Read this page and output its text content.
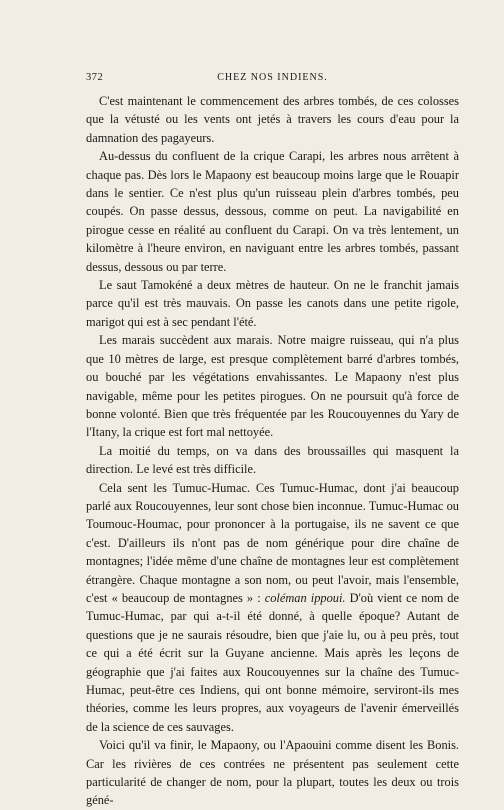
372	CHEZ NOS INDIENS.

C'est maintenant le commencement des arbres tombés, de ces colosses que la vétusté ou les vents ont jetés à travers les cours d'eau pour la damnation des pagayeurs.

Au-dessus du confluent de la crique Carapi, les arbres nous arrêtent à chaque pas. Dès lors le Mapaony est beaucoup moins large que le Rouapir dans le sentier. Ce n'est plus qu'un ruisseau plein d'arbres tombés, peu coupés. On passe dessus, dessous, comme on peut. La navigabilité en pirogue cesse en réalité au confluent du Carapi. On va très lentement, un kilomètre à l'heure environ, en naviguant entre les arbres tombés, passant dessus, dessous ou par terre.

Le saut Tamokéné a deux mètres de hauteur. On ne le franchit jamais parce qu'il est très mauvais. On passe les canots dans une petite rigole, marigot qui est à sec pendant l'été.

Les marais succèdent aux marais. Notre maigre ruisseau, qui n'a plus que 10 mètres de large, est presque complètement barré d'arbres tombés, ou bouché par les végétations envahissantes. Le Mapaony n'est plus navigable, même pour les petites pirogues. On ne poursuit qu'à force de bonne volonté. Bien que très fréquentée par les Roucouyennes du Yary de l'Itany, la crique est fort mal nettoyée.

La moitié du temps, on va dans des broussailles qui masquent la direction. Le levé est très difficile.

Cela sent les Tumuc-Humac. Ces Tumuc-Humac, dont j'ai beaucoup parlé aux Roucouyennes, leur sont chose bien inconnue. Tumuc-Humac ou Toumouc-Houmac, pour prononcer à la portugaise, ils ne savent ce que c'est. D'ailleurs ils n'ont pas de nom générique pour dire chaîne de montagnes; l'idée même d'une chaîne de montagnes leur est complètement étrangère. Chaque montagne a son nom, ou peut l'avoir, mais l'ensemble, c'est « beaucoup de montagnes » : coléman ippoui. D'où vient ce nom de Tumuc-Humac, par qui a-t-il été donné, à quelle époque? Autant de questions que je ne saurais résoudre, bien que j'aie lu, ou à peu près, tout ce qui a été écrit sur la Guyane ancienne. Mais après les leçons de géographie que j'ai faites aux Roucouyennes sur la chaîne des Tumuc-Humac, peut-être ces Indiens, qui ont bonne mémoire, serviront-ils mes théories, comme les leurs propres, aux voyageurs de l'avenir émerveillés de la science de ces sauvages.

Voici qu'il va finir, le Mapaony, ou l'Apaouini comme disent les Bonis. Car les rivières de ces contrées ne présentent pas seulement cette particularité de changer de nom, pour la plupart, toutes les deux ou trois géné-
